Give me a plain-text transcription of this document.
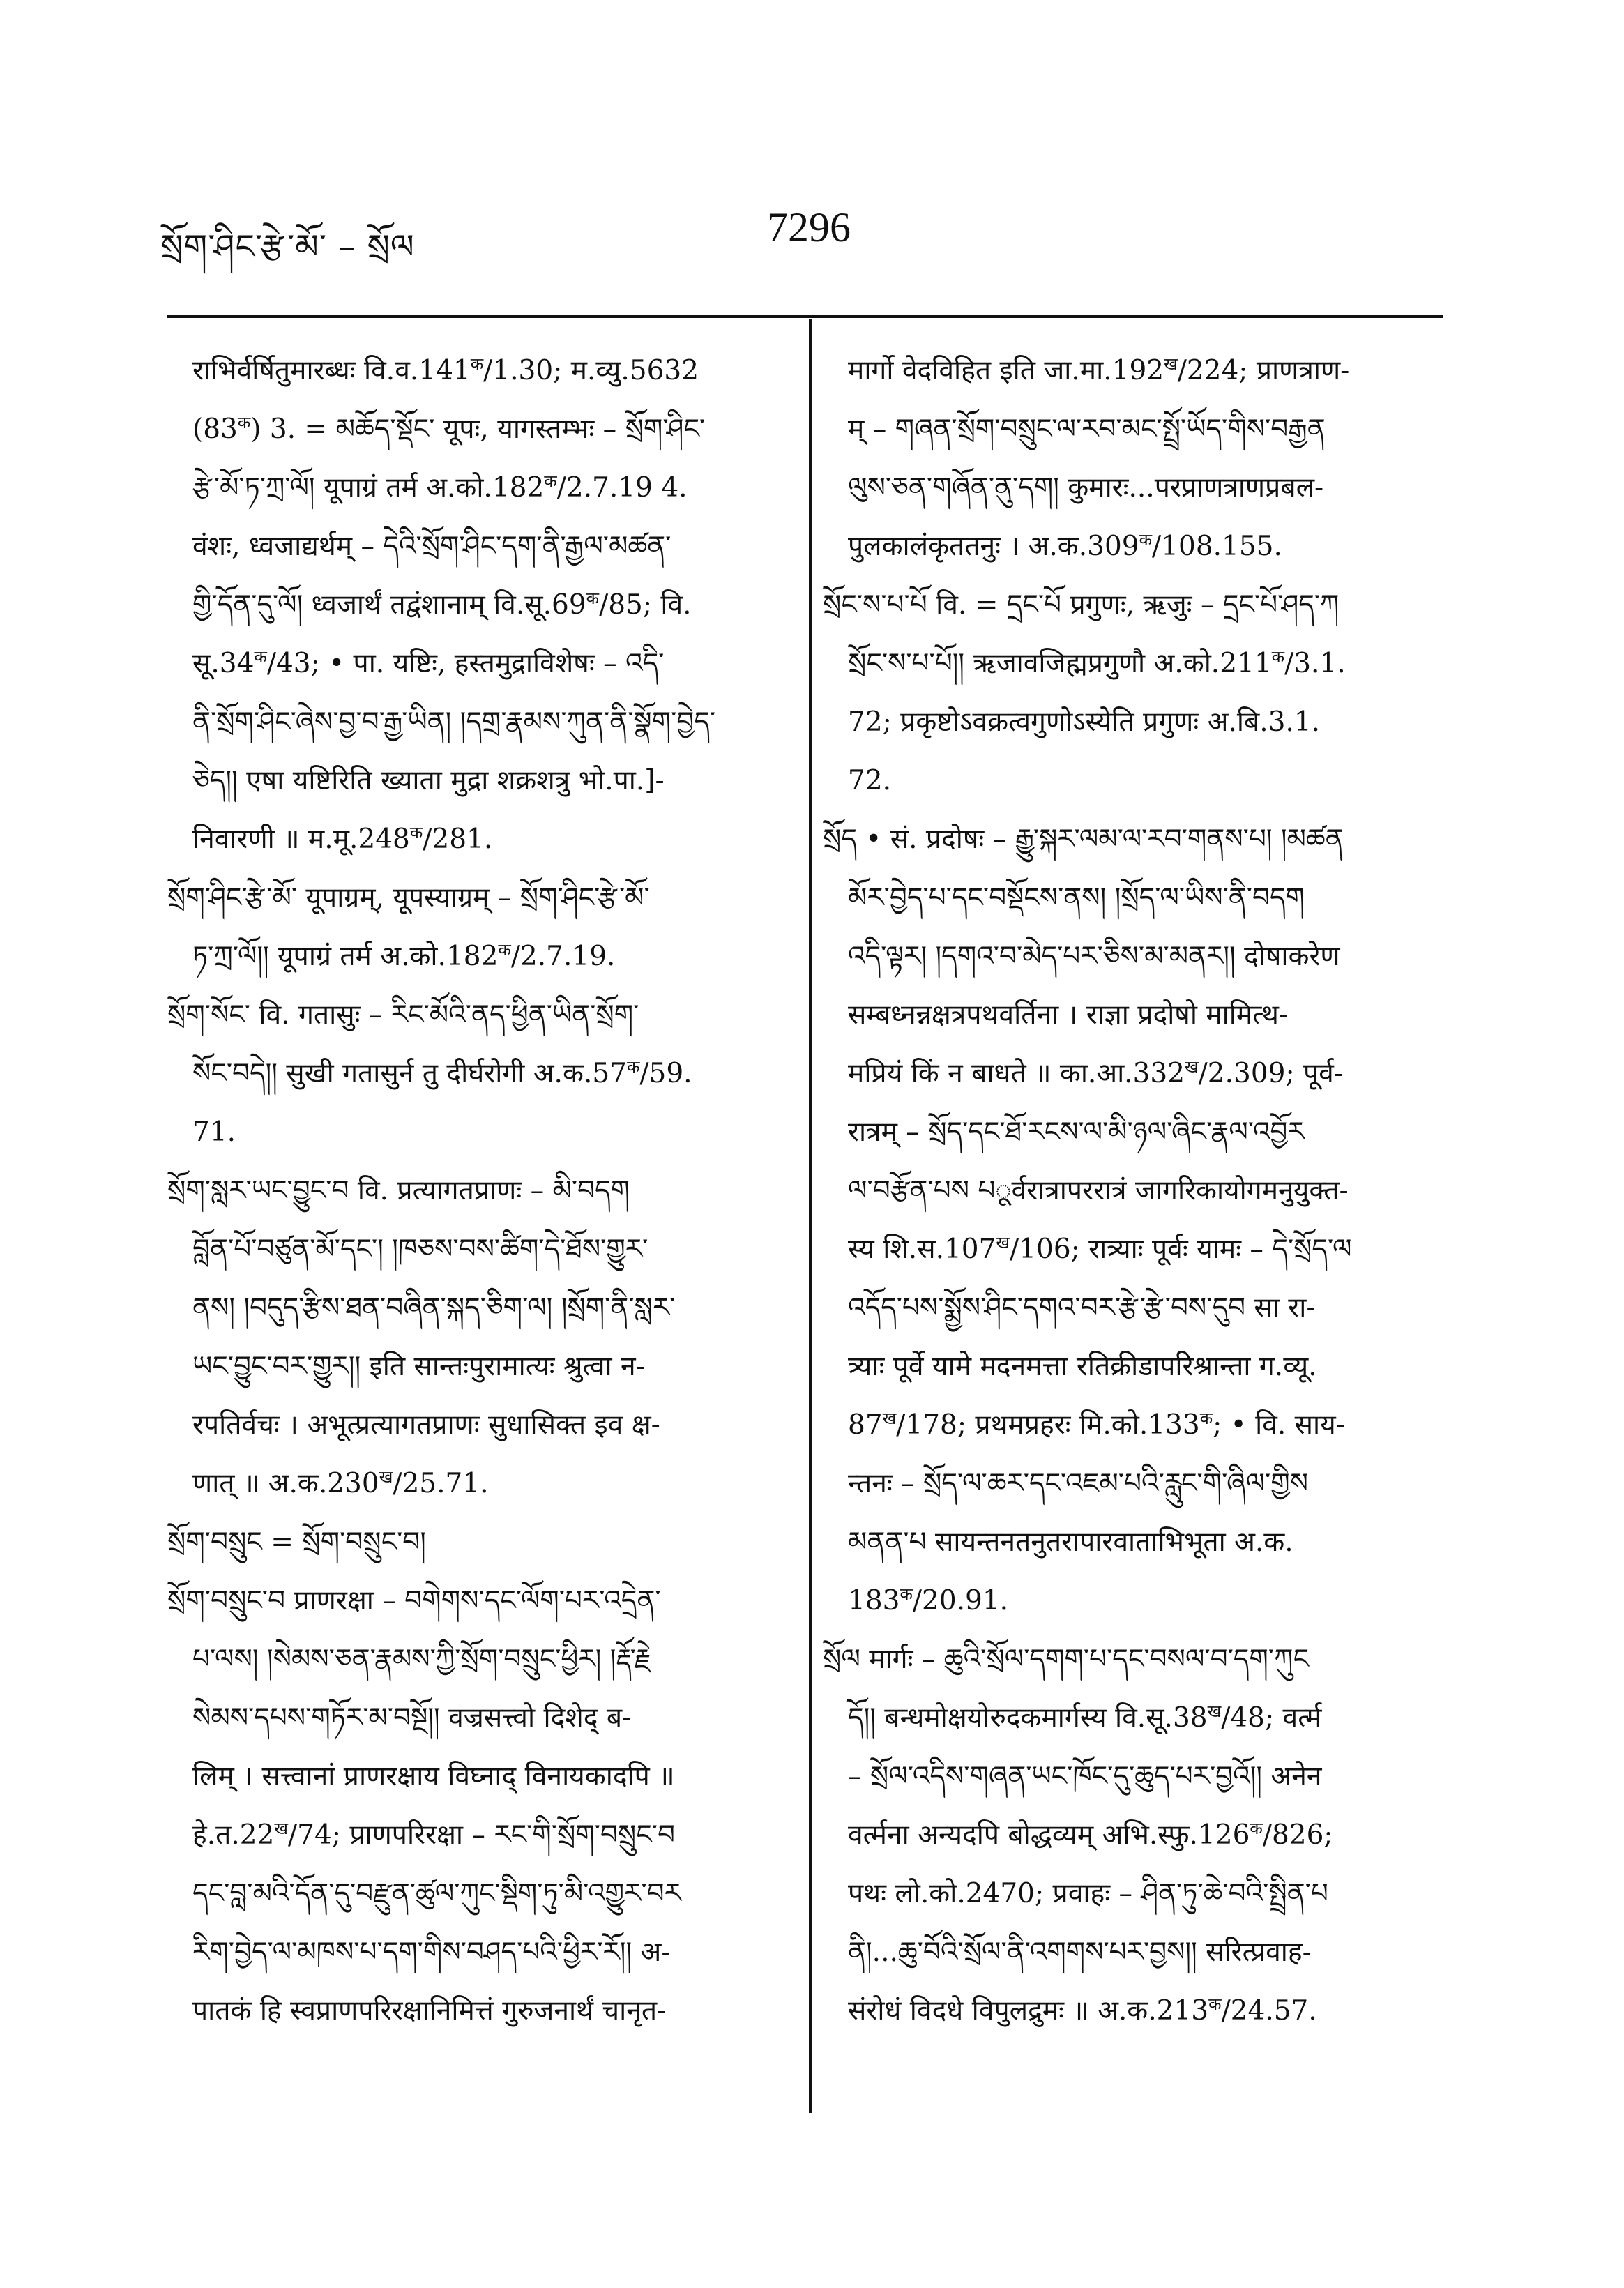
སྲོག་ཤིང་རྩེ་མོ་ – སྲོལ	7296
राभिर्वर्षितुमारब्धः $वि.व.141^क/1.30$; म.व्यु.5632
$(83^क) 3$. = མཆོད་སྡོང་ यूपः, यागस्तम्भः – སྲོག་ཤིང་
རྩེ་མོ་ཏ་ཀྲ་ལོ། यूपाग्रं तर्म $अ.को.182^क/2.7.19$ 4.
वंशः, ध्वजाद्यर्थम् – དེའི་སྲོག་ཤིང་དག་ནི་རྒྱལ་མཚན་
གྱི་དོན་དུ་ལོ། ध्वजार्थं तद्वंशानाम् $वि.सू.69^क/85$; वि.
$सू.34^क/43$; • पा. यष्टिः, हस्तमुद्राविशेषः – འདི་
ནི་སྲོག་ཤིང་ཞེས་བྱ་བ་རྒྱ་ཡིན། །དགྲ་རྣམས་ཀུན་ནི་སྣོག་བྱེད་
ཅེད།། एषा यष्टिरिति ख्याता मुद्रा शक्रशत्रु भो.पा.]-
निवारणी ॥ $म.मू.248^क/281$.
སྲོག་ཤིང་རྩེ་མོ་ यूपाग्रम्, यूपस्याग्रम् – སྲོག་ཤིང་རྩེ་མོ་
ཏ་ཀྲ་ལོ།། यूपाग्रं तर्म $अ.को.182^क/2.7.19$.
སྲོག་སོང་ वि. गतासुः – རིང་མོའི་ནད་ཕྱིན་ཡིན་སྲོག་
སོང་བདེ།། सुखी गतासुर्न तु दीर्घरोगी $अ.क.57^क/59$.
71.
སྲོག་སླར་ཡང་བྱུང་བ वि. प्रत्यागतप्राणः – མི་བདག
བློན་པོ་བཙུན་མོ་དང་། །ཁཅས་བས་ཚིག་དེ་ཐོས་གྱུར་
ནས། །བདུད་རྩིས་ཐན་བཞིན་སྐད་ཅིག་ལ། །སྲོག་ནི་སླར་
ཡང་བྱུང་བར་གྱུར།། इति सान्तःपुरामात्यः श्रुत्वा न-
रपतिर्वचः । अभूत्प्रत्यागतप्राणः सुधासिक्त इव क्ष-
णात् ॥ $अ.क.230^ख/25.71$.
སྲོག་བསྲུང = སྲོག་བསྲུང་བ།
སྲོག་བསྲུང་བ प्राणरक्षा – བགེགས་དང་ལོག་པར་འདྲེན་
པ་ལས། །སེམས་ཅན་རྣམས་ཀྱི་སྲོག་བསྲུང་ཕྱིར། །རྡོ་རྗེ
སེམས་དཔས་གཏོར་མ་བསྔོ།། वज्रसत्त्वो दिशेद् ब-
लिम् । सत्त्वानां प्राणरक्षाय विघ्नाद् विनायकादपि ॥
$हे.त.22^ख/74$; प्राणपरिरक्षा – རང་གི་སྲོག་བསྲུང་བ
དང་བླ་མའི་དོན་དུ་བརྫུན་ཚུལ་ཀུང་སྡིག་ཏུ་མི་འགྱུར་བར
རིག་བྱེད་ལ་མཁས་པ་དག་གིས་བཤད་པའི་ཕྱིར་རོ།། अ-
पातकं हि स्वप्राणपरिरक्षानिमित्तं गुरुजनार्थं चानृत-
मार्गो वेदविहित इति $जा.मा.192^ख/224$; प्राणत्राण-
म् – གཞན་སྲོག་བསྲུང་ལ་རབ་མང་སྤྲོ་ཡོད་གིས་བརྒྱན
ལུས་ཅན་གཞོན་ནུ་དག། कुमारः...परप्राणत्राणप्रबल-
पुलकालंकृततनुः । $अ.क.309^क/108.155$.
སྲོང་ས་པ་པོ वि. = དྲང་པོ प्रगुणः, ऋजुः – དྲང་པོ་ཤད་ཀ
སྲོང་ས་པ་པོ།། ऋजावजिह्मप्रगुणौ $अ.को.211^क/3.1$.
72; प्रकृष्टोऽवक्रत्वगुणोऽस्येति प्रगुणः अ.बि.3.1.
72.
སྲོད • सं. प्रदोषः – རྒྱུ་སྐར་ལམ་ལ་རབ་གནས་པ། །མཚན
མོར་བྱེད་པ་དང་བསྡོངས་ནས། །སྲོད་ལ་ཡིས་ནི་བདག
འདི་ལྟར། །དགའ་བ་མེད་པར་ཅིས་མ་མནར།། दोषाकरेण
सम्बध्नन्नक्षत्रपथवर्तिना । राज्ञा प्रदोषो मामित्थ-
मप्रियं किं न बाधते ॥ $का.आ.332^ख/2.309$; पूर्व-
रात्रम् – སྲོད་དང་ཐོ་རངས་ལ་མི་ཉལ་ཞིང་རྣལ་འབྱོར
ལ་བརྩོན་པས པूर्वरात्रापररात्रं जागरिकायोगमनुयुक्त-
स्य $शि.स.107^ख/106$; रात्र्याः पूर्वः यामः – དེ་སྲོད་ལ
འདོད་པས་སྨྱོས་ཤིང་དགའ་བར་རྩེ་རྩེ་བས་དུབ सा रा-
त्र्याः पूर्वे यामे मदनमत्ता रतिक्रीडापरिश्रान्ता ग.व्यू.
$87^ख/178$; प्रथमप्रहरः $मि.को.133^क$; • वि. साय-
न्तनः – སྲོད་ལ་ཆར་དང་འཇམ་པའི་རླུང་གི་ཞིལ་གྱིས
མནན་པ सायन्तनतनुतरापारवाताभिभूता अ.क.
$183^क/20.91$.
སྲོལ मार्गः – ཆུའི་སྲོལ་དགག་པ་དང་བསལ་བ་དག་ཀུང
དོ།། बन्धमोक्षयोरुदकमार्गस्य $वि.सू.38^ख/48$; वर्त्म
– སྲོལ་འདིས་གཞན་ཡང་ཁོང་དུ་ཆུད་པར་བྱའོ།། अनेन
वर्त्मना अन्यदपि बोद्धव्यम् $अभि.स्फु.126^क/826$;
पथः लो.को.2470; प्रवाहः – ཤིན་ཏུ་ཆེ་བའི་སྤྲིན་པ
ནི།...ཆུ་བོའི་སྲོལ་ནི་འགགས་པར་བྱས།། सरित्प्रवाह-
संरोधं विदधे विपुलद्रुमः ॥ $अ.क.213^क/24.57$.
